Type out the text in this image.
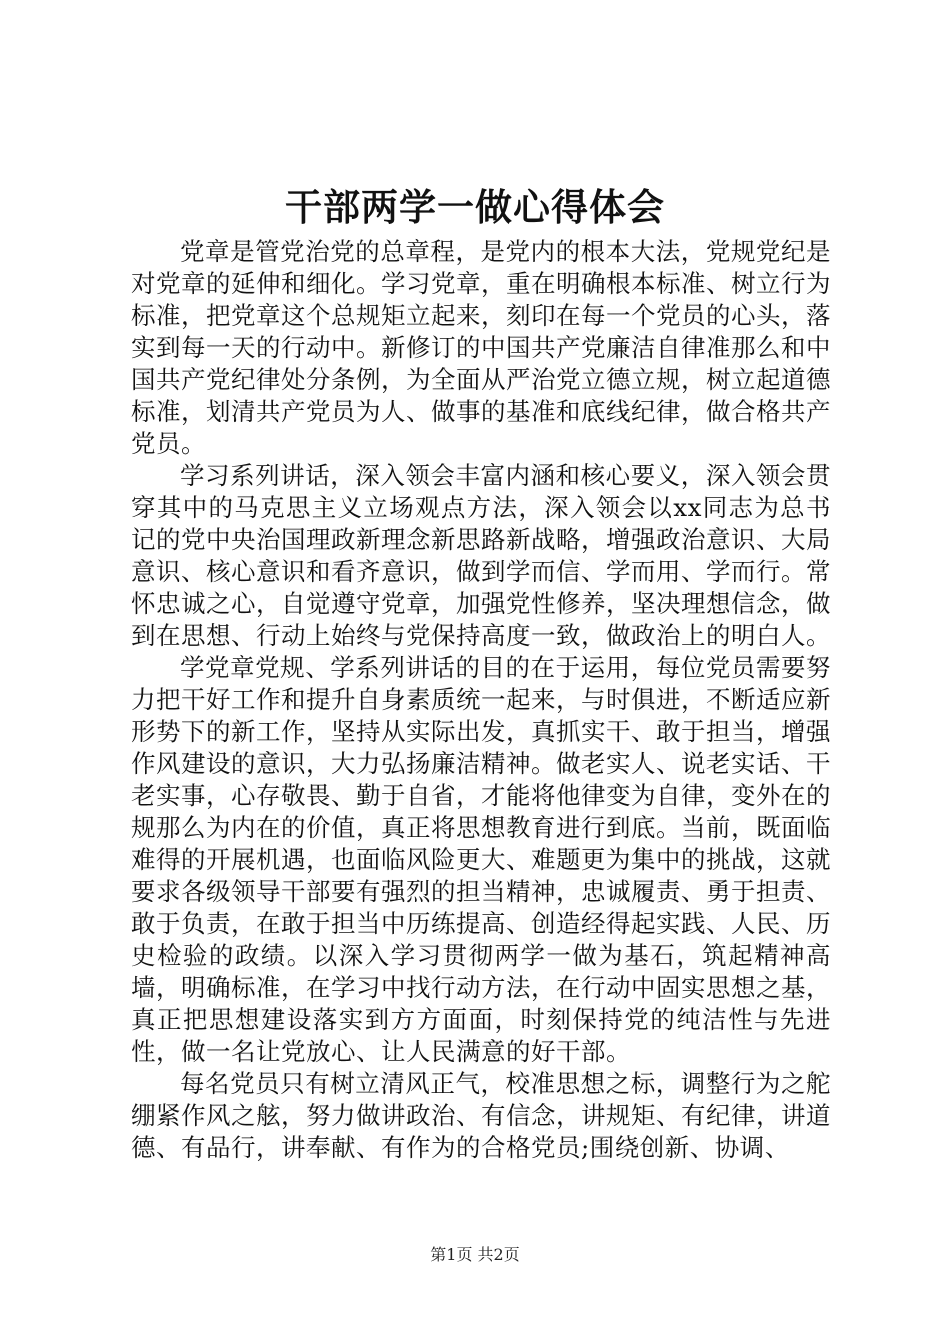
干部两学一做心得体会

党章是管党治党的总章程，是党内的根本大法，党规党纪是对党章的延伸和细化。学习党章，重在明确根本标准、树立行为标准，把党章这个总规矩立起来，刻印在每一个党员的心头，落实到每一天的行动中。新修订的中国共产党廉洁自律准那么和中国共产党纪律处分条例，为全面从严治党立德立规，树立起道德标准，划清共产党员为人、做事的基准和底线纪律，做合格共产党员。

学习系列讲话，深入领会丰富内涵和核心要义，深入领会贯穿其中的马克思主义立场观点方法，深入领会以xx同志为总书记的党中央治国理政新理念新思路新战略，增强政治意识、大局意识、核心意识和看齐意识，做到学而信、学而用、学而行。常怀忠诚之心，自觉遵守党章，加强党性修养，坚决理想信念，做到在思想、行动上始终与党保持高度一致，做政治上的明白人。

学党章党规、学系列讲话的目的在于运用，每位党员需要努力把干好工作和提升自身素质统一起来，与时俱进，不断适应新形势下的新工作，坚持从实际出发，真抓实干、敢于担当，增强作风建设的意识，大力弘扬廉洁精神。做老实人、说老实话、干老实事，心存敬畏、勤于自省，才能将他律变为自律，变外在的规那么为内在的价值，真正将思想教育进行到底。当前，既面临难得的开展机遇，也面临风险更大、难题更为集中的挑战，这就要求各级领导干部要有强烈的担当精神，忠诚履责、勇于担责、敢于负责，在敢于担当中历练提高、创造经得起实践、人民、历史检验的政绩。以深入学习贯彻两学一做为基石，筑起精神高墙，明确标准，在学习中找行动方法，在行动中固实思想之基，真正把思想建设落实到方方面面，时刻保持党的纯洁性与先进性，做一名让党放心、让人民满意的好干部。

每名党员只有树立清风正气，校准思想之标，调整行为之舵绷紧作风之舷，努力做讲政治、有信念，讲规矩、有纪律，讲道德、有品行，讲奉献、有作为的合格党员;围绕创新、协调、

第1页 共2页
